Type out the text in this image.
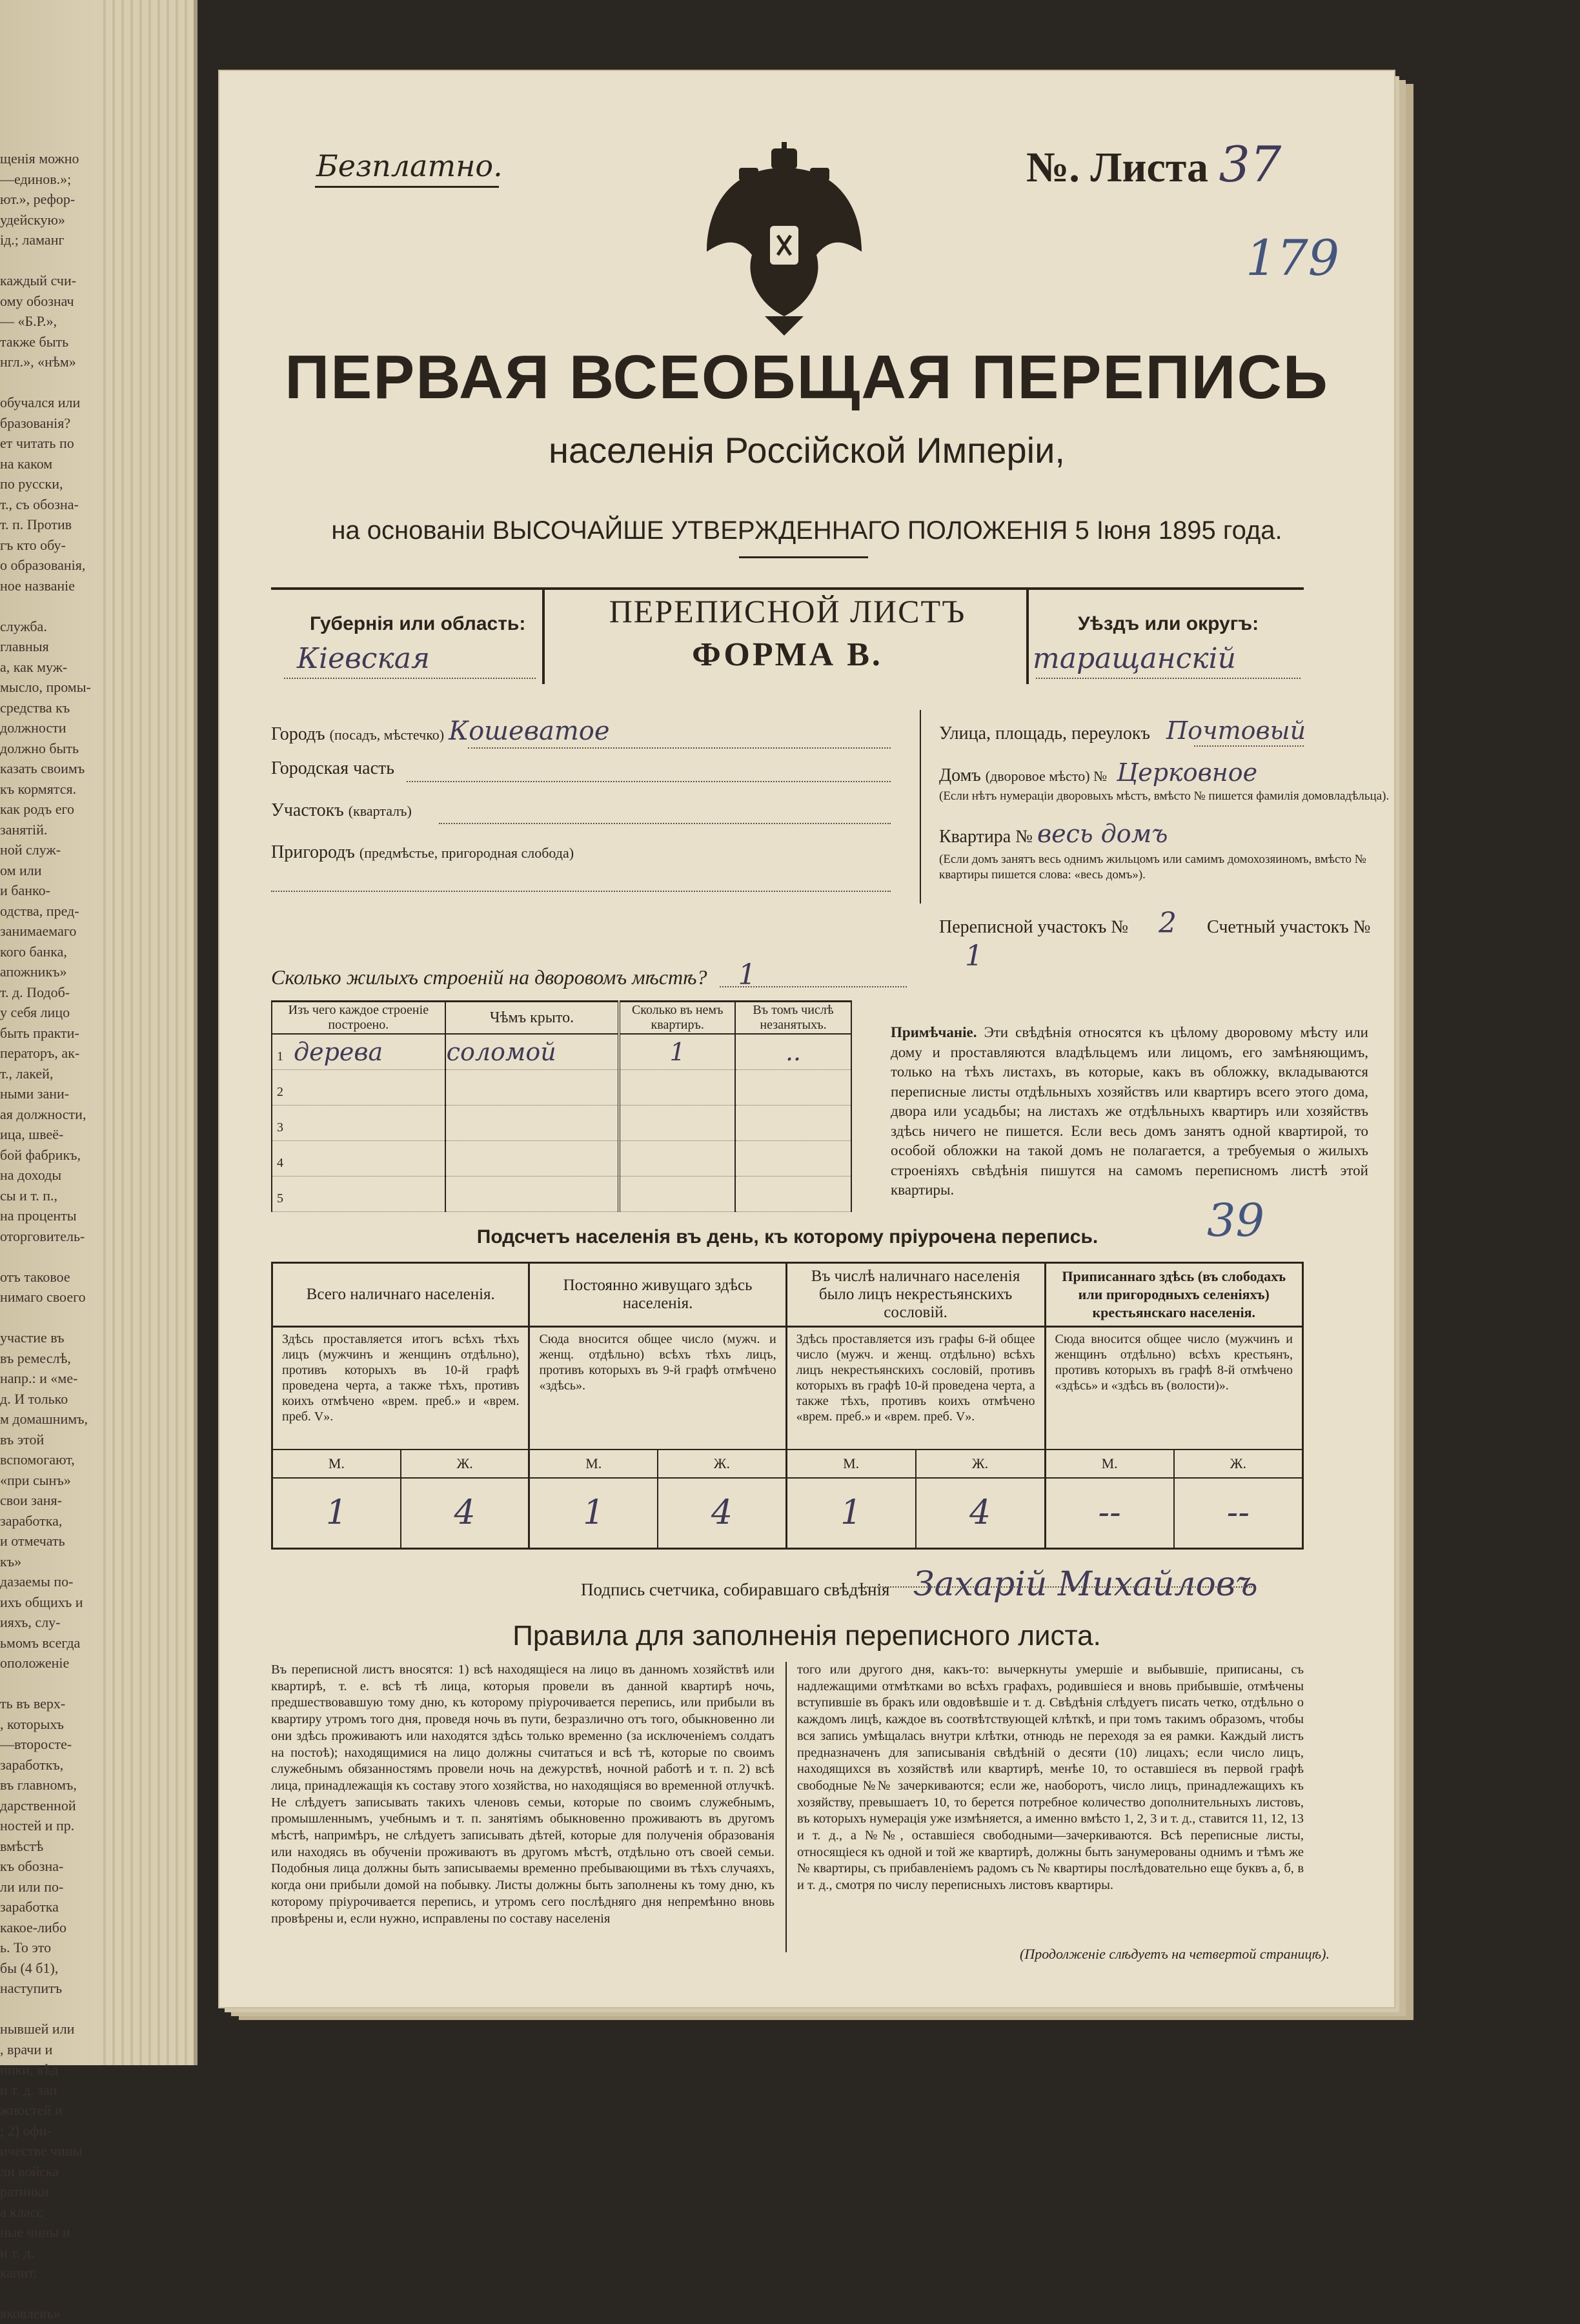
щенія можно
—единов.»;
ют.», рефор-
удейскую»
ід.; ламанг

каждый счи-
ому обознач
— «Б.Р.»,
также быть
нгл.», «нѣм»

обучался или
бразованія?
ет читать по
на каком
по русски,
т., съ обозна-
т. п. Против
гъ кто обу-
о образованія,
ное названіе

службa.
главныя
а, как муж-
мысло, промы-
средства къ
должности
должно быть
казать своимъ
къ кормятся.
как родъ его
занятій.
ной служ-
ом или
и банко-
одства, пред-
занимаемаго
кого банка,
апожникъ»
т. д. Подоб-
у себя лицо
быть практи-
ператоръ, ак-
т., лакей,
ными зани-
ая должности,
ица, швеё-
бой фабрикъ,
на доходы
сы и т. п.,
на проценты
оторговитель-

отъ таковое
нимаго своего

участие въ
въ ремеслѣ,
напр.: и «ме-
д. И только
м домашнимъ,
въ этой
вспомогают,
«при сынъ»
свои заня-
заработка,
и отмечать
къ»
дазаемы по-
ихъ общихъ и
ияхъ, слу-
ьмомъ всегда
оположеніе

ть въ верх-
, которыхъ
—второсте-
заработкъ,
въ главномъ,
дарственной
ностей и пр.
вмѣстѣ
къ обозна-
ли или по-
заработка
какое-либо
ь. То это
бы (4 б1),
наступитъ

нывшей или
, врачи и
ники, вѣд
и т. д. зап
жностей и
; 2) офи-
ичестве чины
ли войска
ратники
а класс
ные чины и
и т. д.
капит.

яковлевъ»
Безплатно.	№. Листа 37
179
ПЕРВАЯ ВСЕОБЩАЯ ПЕРЕПИСЬ
населенія Россійской Имперіи,
на основаніи ВЫСОЧАЙШЕ УТВЕРЖДЕННАГО ПОЛОЖЕНІЯ 5 Іюня 1895 года.
Губернія или область:
Кіевская
ПЕРЕПИСНОЙ ЛИСТЪ
ФОРМА В.
Уѣздъ или округъ:
таращанскій
Городъ (посадъ, мѣстечко) Кошеватое
Городская часть
Участокъ (кварталъ)
Пригородъ (предмѣстье, пригородная слобода)
Улица, площадь, переулокъ Почтовый
Домъ (дворовое мѣсто) № Церковное
(Если нѣтъ нумераціи дворовыхъ мѣстъ, вмѣсто № пишется фамилія домовладѣльца).
Квартира № весь домъ
(Если домъ занятъ весь однимъ жильцомъ или самимъ домохозяиномъ, вмѣсто № квартиры пишется слова: «весь домъ»).
Переписной участокъ № 2 Счетный участокъ № 1
Сколько жилыхъ строеній на дворовомъ мѣстѣ? 1
Изъ чего каждое строеніе построено.	Чѣмъ крыто.	Сколько въ немъ квартиръ.	Въ томъ числѣ незанятыхъ.
1 дерева	соломой	1	..
2			
3			
4			
5			
Примѣчаніе. Эти свѣдѣнія относятся къ цѣлому дворовому мѣсту или дому и проставляются владѣльцемъ или лицомъ, его замѣняющимъ, только на тѣхъ листахъ, въ которые, какъ въ обложку, вкладываются переписные листы отдѣльныхъ хозяйствъ или квартиръ всего этого дома, двора или усадьбы; на листахъ же отдѣльныхъ квартиръ или хозяйствъ здѣсь ничего не пишется. Если весь домъ занятъ одной квартирой, то особой обложки на такой домъ не полагается, а требуемыя о жилыхъ строеніяхъ свѣдѣнія пишутся на самомъ переписномъ листѣ этой квартиры.
Подсчетъ населенія въ день, къ которому пріурочена перепись.	39
Всего наличнаго населенія.		Постоянно живущаго здѣсь населенія.		Въ числѣ наличнаго населенія было лицъ некрестьянскихъ сословій.		Приписаннаго здѣсь (въ слободахъ или пригородныхъ селеніяхъ) крестьянскаго населенія.	
Здѣсь проставляется итогъ всѣхъ тѣхъ лицъ (мужчинъ и женщинъ отдѣльно), противъ которыхъ въ 10-й графѣ проведена черта, а также тѣхъ, противъ коихъ отмѣчено «врем. преб.» и «врем. преб. V».		Сюда вносится общее число (мужч. и женщ. отдѣльно) всѣхъ тѣхъ лицъ, противъ которыхъ въ 9-й графѣ отмѣчено «здѣсь».		Здѣсь проставляется изъ графы 6-й общее число (мужч. и женщ. отдѣльно) всѣхъ лицъ некрестьянскихъ сословій, противъ которыхъ въ графѣ 10-й проведена черта, а также тѣхъ, противъ коихъ отмѣчено «врем. преб.» и «врем. преб. V».		Сюда вносится общее число (мужчинъ и женщинъ отдѣльно) всѣхъ крестьянъ, противъ которыхъ въ графѣ 8-й отмѣчено «здѣсь» и «здѣсь въ (волости)».	
М.	Ж.	М.	Ж.	М.	Ж.	М.	Ж.
1	4	1	4	1	4	--	--
Подпись счетчика, собиравшаго свѣдѣнія Захарій Михайловъ
Правила для заполненія переписного листа.
Въ переписной листъ вносятся: 1) всѣ находящіеся на лицо въ данномъ хозяйствѣ или квартирѣ, т. е. всѣ тѣ лица, которыя провели въ данной квартирѣ ночь, предшествовавшую тому дню, къ которому пріурочивается перепись, или прибыли въ квартиру утромъ того дня, проведя ночь въ пути, безразлично отъ того, обыкновенно ли они здѣсь проживаютъ или находятся здѣсь только временно (за исключеніемъ солдатъ на постоѣ); находящимися на лицо должны считаться и всѣ тѣ, которые по своимъ служебнымъ обязанностямъ провели ночь на дежурствѣ, ночной работѣ и т. п. 2) всѣ лица, принадлежащія къ составу этого хозяйства, но находящіяся во временной отлучкѣ. Не слѣдуетъ записывать такихъ членовъ семьи, которые по своимъ служебнымъ, промышленнымъ, учебнымъ и т. п. занятіямъ обыкновенно проживаютъ въ другомъ мѣстѣ, напримѣръ, не слѣдуетъ записывать дѣтей, которые для полученія образованія или находясь въ обученіи проживаютъ въ другомъ мѣстѣ, отдѣльно отъ своей семьи. Подобныя лица должны быть записываемы временно пребывающими въ тѣхъ случаяхъ, когда они прибыли домой на побывку. Листы должны быть заполнены къ тому дню, къ которому пріурочивается перепись, и утромъ сего послѣдняго дня непремѣнно вновь провѣрены и, если нужно, исправлены по составу населенія
того или другого дня, какъ-то: вычеркнуты умершіе и выбывшіе, приписаны, съ надлежащими отмѣтками во всѣхъ графахъ, родившіеся и вновь прибывшіе, отмѣчены вступившіе въ бракъ или овдовѣвшіе и т. д. Свѣдѣнія слѣдуетъ писать четко, отдѣльно о каждомъ лицѣ, каждое въ соотвѣтствующей клѣткѣ, и при томъ такимъ образомъ, чтобы вся запись умѣщалась внутри клѣтки, отнюдь не переходя за ея рамки. Каждый листъ предназначенъ для записыванія свѣдѣній о десяти (10) лицахъ; если число лицъ, находящихся въ хозяйствѣ или квартирѣ, менѣе 10, то оставшіеся въ первой графѣ свободные №№ зачеркиваются; если же, наоборотъ, число лицъ, принадлежащихъ къ хозяйству, превышаетъ 10, то берется потребное количество дополнительныхъ листовъ, въ которыхъ нумерація уже измѣняется, а именно вмѣсто 1, 2, 3 и т. д., ставится 11, 12, 13 и т. д., а №№, оставшіеся свободными—зачеркиваются. Всѣ переписные листы, относящіеся къ одной и той же квартирѣ, должны быть занумерованы однимъ и тѣмъ же № квартиры, съ прибавленіемъ радомъ съ № квартиры послѣдовательно еще буквъ а, б, в и т. д., смотря по числу переписныхъ листовъ квартиры.
(Продолженіе слѣдуетъ на четвертой страницѣ).
